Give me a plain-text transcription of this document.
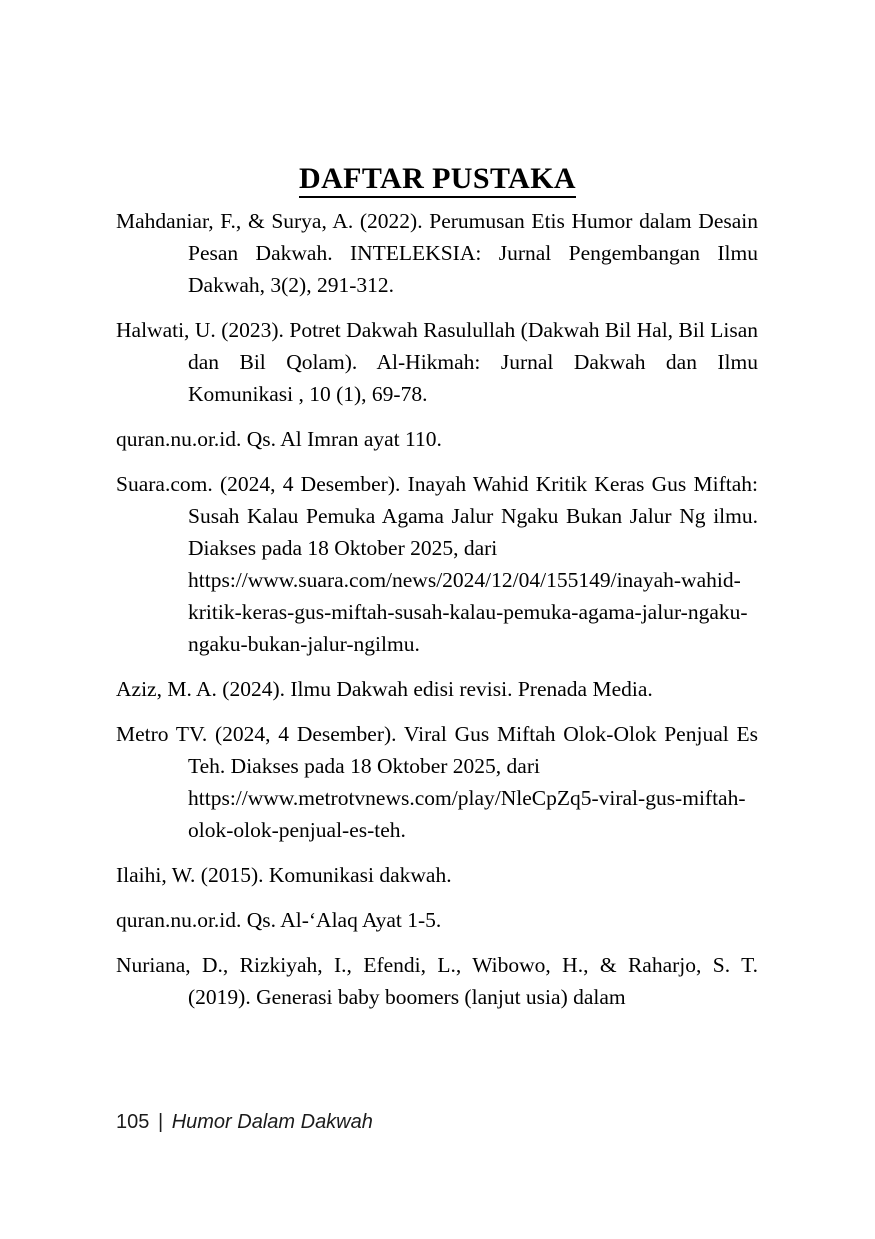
DAFTAR PUSTAKA

Mahdaniar, F., & Surya, A. (2022). Perumusan Etis Humor dalam Desain Pesan Dakwah. INTELEKSIA: Jurnal Pengembangan Ilmu Dakwah, 3(2), 291-312.

Halwati, U. (2023). Potret Dakwah Rasulullah (Dakwah Bil Hal, Bil Lisan dan Bil Qolam). Al-Hikmah: Jurnal Dakwah dan Ilmu Komunikasi , 10 (1), 69-78.

quran.nu.or.id. Qs. Al Imran ayat 110.

Suara.com. (2024, 4 Desember). Inayah Wahid Kritik Keras Gus Miftah: Susah Kalau Pemuka Agama Jalur Ngaku Bukan Jalur Ng ilmu. Diakses pada 18 Oktober 2025, dari
https://www.suara.com/news/2024/12/04/155149/inayah-wahid-kritik-keras-gus-miftah-susah-kalau-pemuka-agama-jalur-ngaku-ngaku-bukan-jalur-ngilmu.

Aziz, M. A. (2024). Ilmu Dakwah edisi revisi. Prenada Media.

Metro TV. (2024, 4 Desember). Viral Gus Miftah Olok-Olok Penjual Es Teh. Diakses pada 18 Oktober 2025, dari
https://www.metrotvnews.com/play/NleCpZq5-viral-gus-miftah-olok-olok-penjual-es-teh.

Ilaihi, W. (2015). Komunikasi dakwah.

quran.nu.or.id. Qs. Al-ʻAlaq Ayat 1-5.

Nuriana, D., Rizkiyah, I., Efendi, L., Wibowo, H., & Raharjo, S. T. (2019). Generasi baby boomers (lanjut usia) dalam

105 | Humor Dalam Dakwah
